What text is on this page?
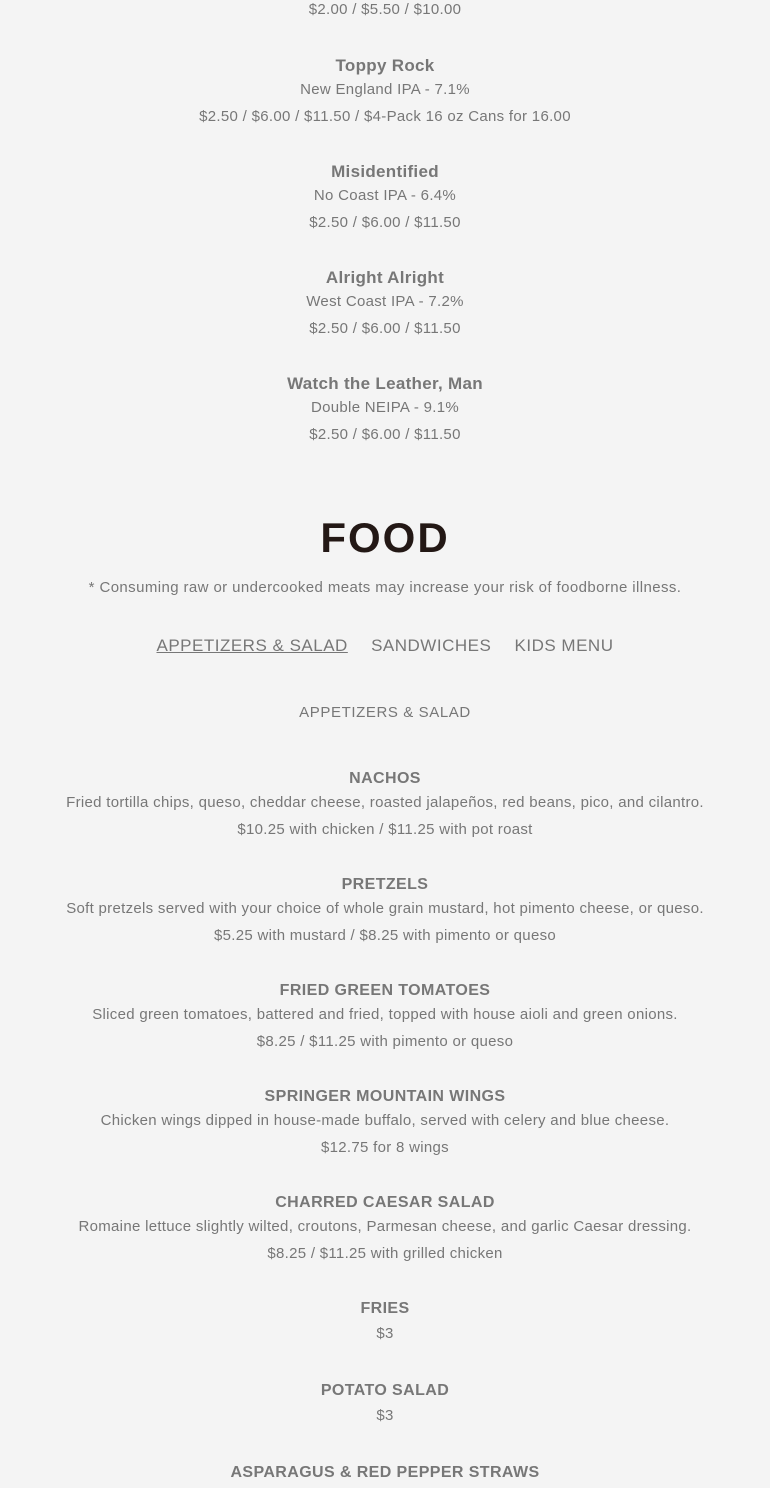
$2.00 / $5.50 / $10.00
Toppy Rock
New England IPA - 7.1%
$2.50 / $6.00 / $11.50 / $4-Pack 16 oz Cans for 16.00
Misidentified
No Coast IPA - 6.4%
$2.50 / $6.00 / $11.50
Alright Alright
West Coast IPA - 7.2%
$2.50 / $6.00 / $11.50
Watch the Leather, Man
Double NEIPA - 9.1%
$2.50 / $6.00 / $11.50
FOOD
* Consuming raw or undercooked meats may increase your risk of foodborne illness.
APPETIZERS & SALAD SANDWICHES KIDS MENU
APPETIZERS & SALAD
NACHOS
Fried tortilla chips, queso, cheddar cheese, roasted jalapeños, red beans, pico, and cilantro.
$10.25 with chicken / $11.25 with pot roast
PRETZELS
Soft pretzels served with your choice of whole grain mustard, hot pimento cheese, or queso.
$5.25 with mustard / $8.25 with pimento or queso
FRIED GREEN TOMATOES
Sliced green tomatoes, battered and fried, topped with house aioli and green onions.
$8.25 / $11.25 with pimento or queso
SPRINGER MOUNTAIN WINGS
Chicken wings dipped in house-made buffalo, served with celery and blue cheese.
$12.75 for 8 wings
CHARRED CAESAR SALAD
Romaine lettuce slightly wilted, croutons, Parmesan cheese, and garlic Caesar dressing.
$8.25 / $11.25 with grilled chicken
FRIES
$3
POTATO SALAD
$3
ASPARAGUS & RED PEPPER STRAWS
